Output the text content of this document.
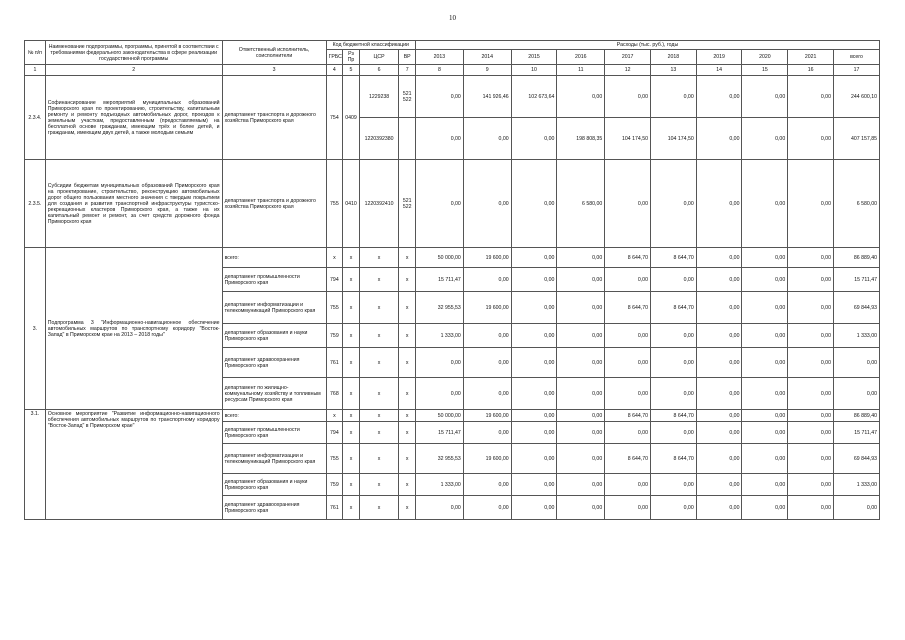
10
№ п/п	Наименование подпрограммы, программы, принятой в соответствии с требованиями федерального законодательства в сфере реализации государственной программы	Ответственный исполнитель, соисполнители	Код бюджетной классификации				Расходы (тыс. руб.), годы									
			ГРБС	Рз Пр	ЦСР	ВР	2013	2014	2015	2016	2017	2018	2019	2020	2021	всего
1	2	3	4	5	6	7	8	9	10	11	12	13	14	15	16	17
2.3.4.	Софинансирование мероприятий муниципальных образований Приморского края по проектированию, строительству, капитальным ремонту и ремонту подъездных автомобильных дорог, проездов к земельным участкам, предоставленным (предоставляемым) на бесплатной основе гражданам, имеющим трёх и более детей, и гражданам, имеющим двух детей, а также молодым семьям	департамент транспорта и дорожного хозяйства Приморского края	754	0409	1229238	521 522	0,00	141 926,46	102 673,64	0,00	0,00	0,00	0,00	0,00	0,00	244 600,10
					1220392380		0,00	0,00	0,00	198 808,35	104 174,50	104 174,50	0,00	0,00	0,00	407 157,85
2.3.5.	Субсидии бюджетам муниципальных образований Приморского края на проектирование, строительство, реконструкцию автомобильных дорог общего пользования местного значения с твердым покрытием для создания и развития транспортной инфраструктуры туристско-рекреационных кластеров Приморского края, а также на их капитальный ремонт и ремонт, за счет средств дорожного фонда Приморского края	департамент транспорта и дорожного хозяйства Приморского края	755	0410	1220392410	521 522	0,00	0,00	0,00	6 580,00	0,00	0,00	0,00	0,00	0,00	6 580,00
3.	Подпрограмма 3 "Информационно-навигационное обеспечение автомобильных маршрутов по транспортному коридору "Восток-Запад" в Приморском крае на 2013 – 2018 годы"	всего:	x	x	x	x	50 000,00	19 600,00	0,00	0,00	8 644,70	8 644,70	0,00	0,00	0,00	86 889,40
		департамент промышленности Приморского края	794	x	x	x	15 711,47	0,00	0,00	0,00	0,00	0,00	0,00	0,00	0,00	15 711,47
		департамент информатизации и телекоммуникаций Приморского края	755	x	x	x	32 955,53	19 600,00	0,00	0,00	8 644,70	8 644,70	0,00	0,00	0,00	69 844,93
		департамент образования и науки Приморского края	759	x	x	x	1 333,00	0,00	0,00	0,00	0,00	0,00	0,00	0,00	0,00	1 333,00
		департамент здравоохранения Приморского края	761	x	x	x	0,00	0,00	0,00	0,00	0,00	0,00	0,00	0,00	0,00	0,00
		департамент по жилищно-коммунальному хозяйству и топливным ресурсам Приморского края	768	x	x	x	0,00	0,00	0,00	0,00	0,00	0,00	0,00	0,00	0,00	0,00
3.1.	Основное мероприятие "Развитие информационно-навигационного обеспечения автомобильных маршрутов по транспортному коридору "Восток-Запад" в Приморском крае"	всего:	x	x	x	x	50 000,00	19 600,00	0,00	0,00	8 644,70	8 644,70	0,00	0,00	0,00	86 889,40
		департамент промышленности Приморского края	794	x	x	x	15 711,47	0,00	0,00	0,00	0,00	0,00	0,00	0,00	0,00	15 711,47
		департамент информатизации и телекоммуникаций Приморского края	755	x	x	x	32 955,53	19 600,00	0,00	0,00	8 644,70	8 644,70	0,00	0,00	0,00	69 844,93
		департамент образования и науки Приморского края	759	x	x	x	1 333,00	0,00	0,00	0,00	0,00	0,00	0,00	0,00	0,00	1 333,00
		департамент здравоохранения Приморского края	761	x	x	x	0,00	0,00	0,00	0,00	0,00	0,00	0,00	0,00	0,00	0,00
